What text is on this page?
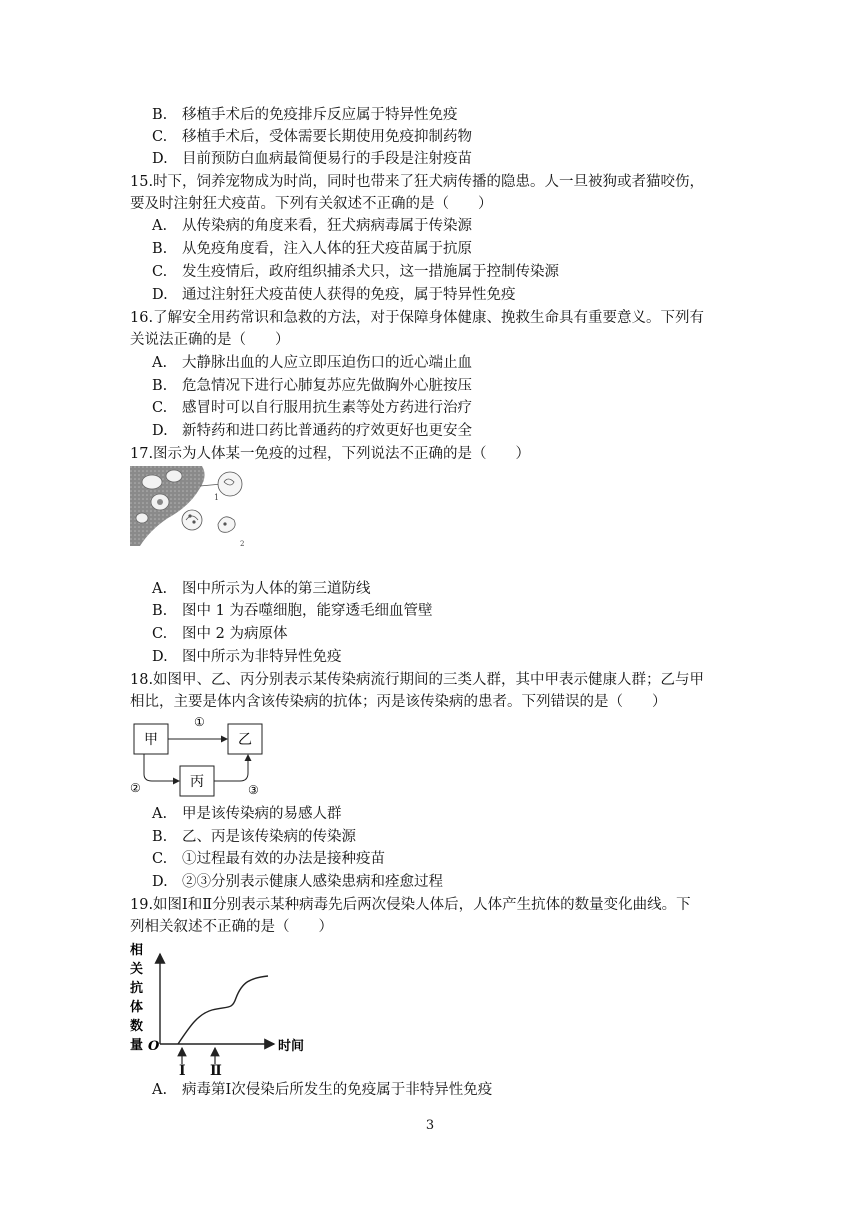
B. 移植手术后的免疫排斥反应属于特异性免疫
C. 移植手术后，受体需要长期使用免疫抑制药物
D. 目前预防白血病最简便易行的手段是注射疫苗
15.时下，饲养宠物成为时尚，同时也带来了狂犬病传播的隐患。人一旦被狗或者猫咬伤，
要及时注射狂犬疫苗。下列有关叙述不正确的是（　　）
A. 从传染病的角度来看，狂犬病病毒属于传染源
B. 从免疫角度看，注入人体的狂犬疫苗属于抗原
C. 发生疫情后，政府组织捕杀犬只，这一措施属于控制传染源
D. 通过注射狂犬疫苗使人获得的免疫，属于特异性免疫
16.了解安全用药常识和急救的方法，对于保障身体健康、挽救生命具有重要意义。下列有
关说法正确的是（　　）
A. 大静脉出血的人应立即压迫伤口的近心端止血
B. 危急情况下进行心肺复苏应先做胸外心脏按压
C. 感冒时可以自行服用抗生素等处方药进行治疗
D. 新特药和进口药比普通药的疗效更好也更安全
17.图示为人体某一免疫的过程，下列说法不正确的是（　　）
1
2
A. 图中所示为人体的第三道防线
B. 图中 1 为吞噬细胞，能穿透毛细血管壁
C. 图中 2 为病原体
D. 图中所示为非特异性免疫
18.如图甲、乙、丙分别表示某传染病流行期间的三类人群，其中甲表示健康人群；乙与甲
相比，主要是体内含该传染病的抗体；丙是该传染病的患者。下列错误的是（　　）
甲	乙
丙
①
②	③
A. 甲是该传染病的易感人群
B. 乙、丙是该传染病的传染源
C. ①过程最有效的办法是接种疫苗
D. ②③分别表示健康人感染患病和痊愈过程
19.如图Ⅰ和Ⅱ分别表示某种病毒先后两次侵染人体后，人体产生抗体的数量变化曲线。下
列相关叙述不正确的是（　　）
相
关
抗
体
数
量 O	时间
Ⅰ Ⅱ
A. 病毒第Ⅰ次侵染后所发生的免疫属于非特异性免疫
3
